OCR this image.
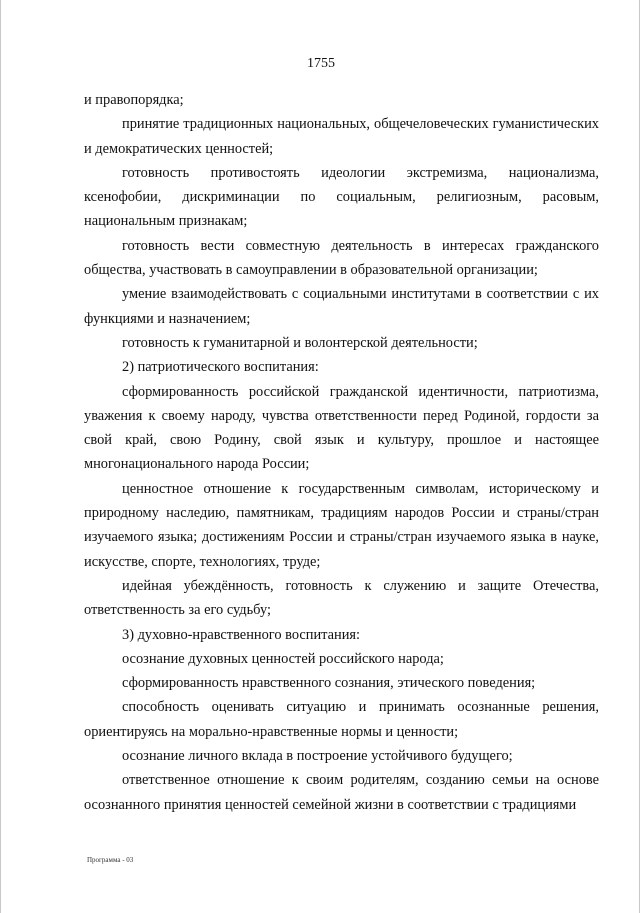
1755

и правопорядка;

принятие традиционных национальных, общечеловеческих гуманистических и демократических ценностей;

готовность противостоять идеологии экстремизма, национализма, ксенофобии, дискриминации по социальным, религиозным, расовым, национальным признакам;

готовность вести совместную деятельность в интересах гражданского общества, участвовать в самоуправлении в образовательной организации;

умение взаимодействовать с социальными институтами в соответствии с их функциями и назначением;

готовность к гуманитарной и волонтерской деятельности;

2) патриотического воспитания:

сформированность российской гражданской идентичности, патриотизма, уважения к своему народу, чувства ответственности перед Родиной, гордости за свой край, свою Родину, свой язык и культуру, прошлое и настоящее многонационального народа России;

ценностное отношение к государственным символам, историческому и природному наследию, памятникам, традициям народов России и страны/стран изучаемого языка; достижениям России и страны/стран изучаемого языка в науке, искусстве, спорте, технологиях, труде;

идейная убеждённость, готовность к служению и защите Отечества, ответственность за его судьбу;

3) духовно-нравственного воспитания:

осознание духовных ценностей российского народа;

сформированность нравственного сознания, этического поведения;

способность оценивать ситуацию и принимать осознанные решения, ориентируясь на морально-нравственные нормы и ценности;

осознание личного вклада в построение устойчивого будущего;

ответственное отношение к своим родителям, созданию семьи на основе осознанного принятия ценностей семейной жизни в соответствии с традициями

Программа - 03
